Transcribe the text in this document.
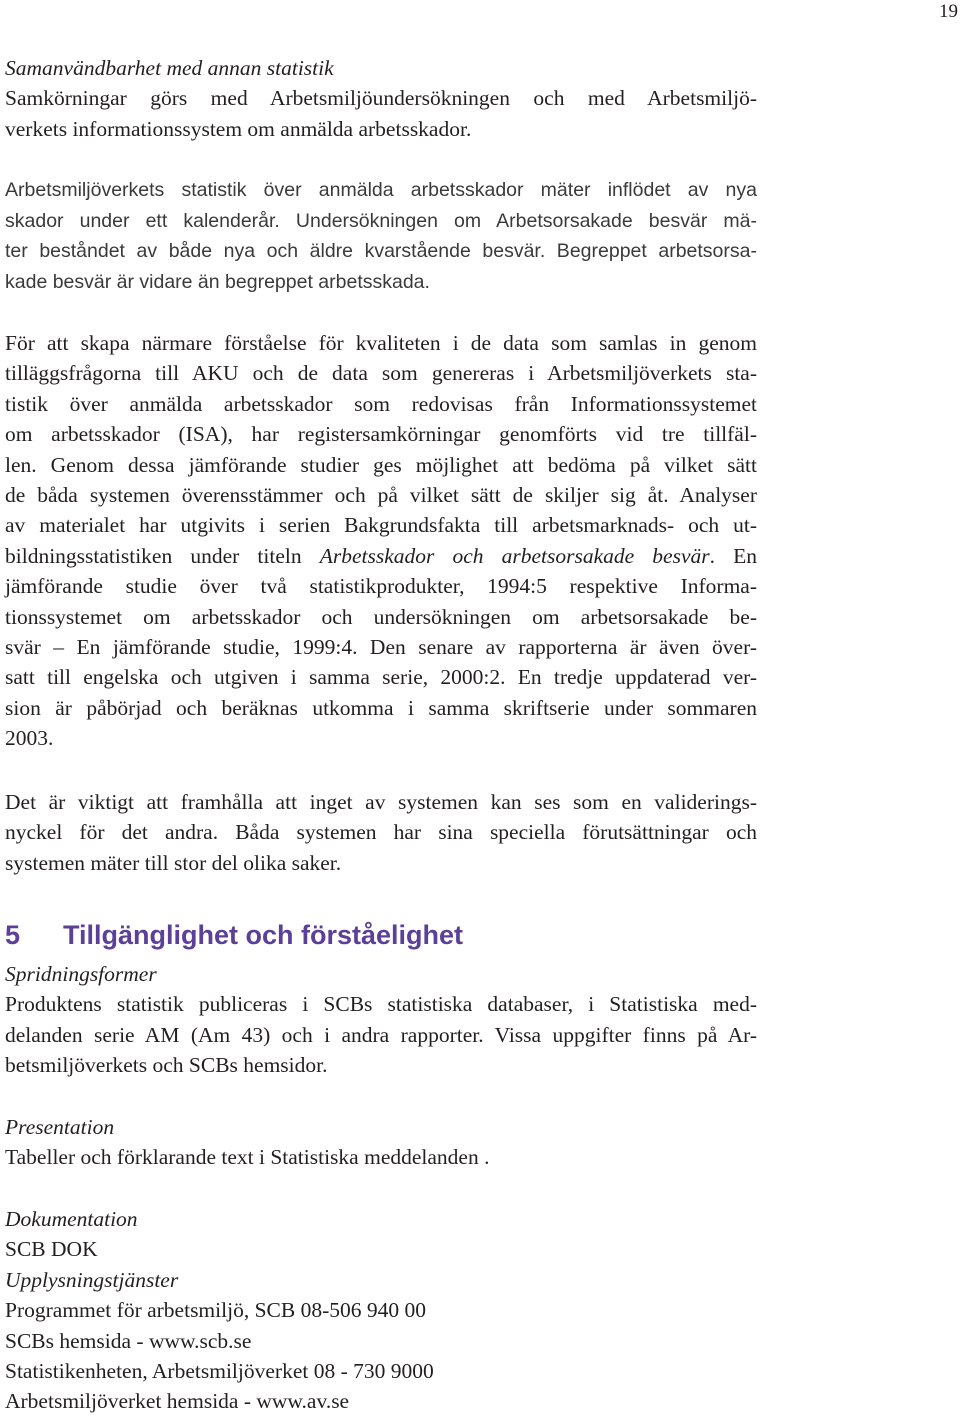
19
Samanvändbarhet med annan statistik
Samkörningar görs med Arbetsmiljöundersökningen och med Arbetsmiljö-
verkets informationssystem om anmälda arbetsskador.
Arbetsmiljöverkets statistik över anmälda arbetsskador mäter inflödet av nya
skador under ett kalenderår. Undersökningen om Arbetsorsakade besvär mä-
ter beståndet av både nya och äldre kvarstående besvär. Begreppet arbetsorsa-
kade besvär är vidare än begreppet arbetsskada.
För att skapa närmare förståelse för kvaliteten i de data som samlas in genom
tilläggsfrågorna till AKU och de data som genereras i Arbetsmiljöverkets sta-
tistik över anmälda arbetsskador som redovisas från Informationssystemet
om arbetsskador (ISA), har registersamkörningar genomförts vid tre tillfäl-
len. Genom dessa jämförande studier ges möjlighet att bedöma på vilket sätt
de båda systemen överensstämmer och på vilket sätt de skiljer sig åt. Analyser
av materialet har utgivits i serien Bakgrundsfakta till arbetsmarknads- och ut-
bildningsstatistiken under titeln Arbetsskador och arbetsorsakade besvär. En
jämförande studie över två statistikprodukter, 1994:5 respektive Informa-
tionssystemet om arbetsskador och undersökningen om arbetsorsakade be-
svär – En jämförande studie, 1999:4. Den senare av rapporterna är även över-
satt till engelska och utgiven i samma serie, 2000:2. En tredje uppdaterad ver-
sion är påbörjad och beräknas utkomma i samma skriftserie under sommaren
2003.
Det är viktigt att framhålla att inget av systemen kan ses som en validerings-
nyckel för det andra. Båda systemen har sina speciella förutsättningar och
systemen mäter till stor del olika saker.
5 Tillgänglighet och förståelighet
Spridningsformer
Produktens statistik publiceras i SCBs statistiska databaser, i Statistiska med-
delanden serie AM (Am 43) och i andra rapporter. Vissa uppgifter finns på Ar-
betsmiljöverkets och SCBs hemsidor.
Presentation
Tabeller och förklarande text i Statistiska meddelanden .
Dokumentation
SCB DOK
Upplysningstjänster
Programmet för arbetsmiljö, SCB 08-506 940 00
SCBs hemsida - www.scb.se
Statistikenheten, Arbetsmiljöverket 08 - 730 9000
Arbetsmiljöverket hemsida - www.av.se
